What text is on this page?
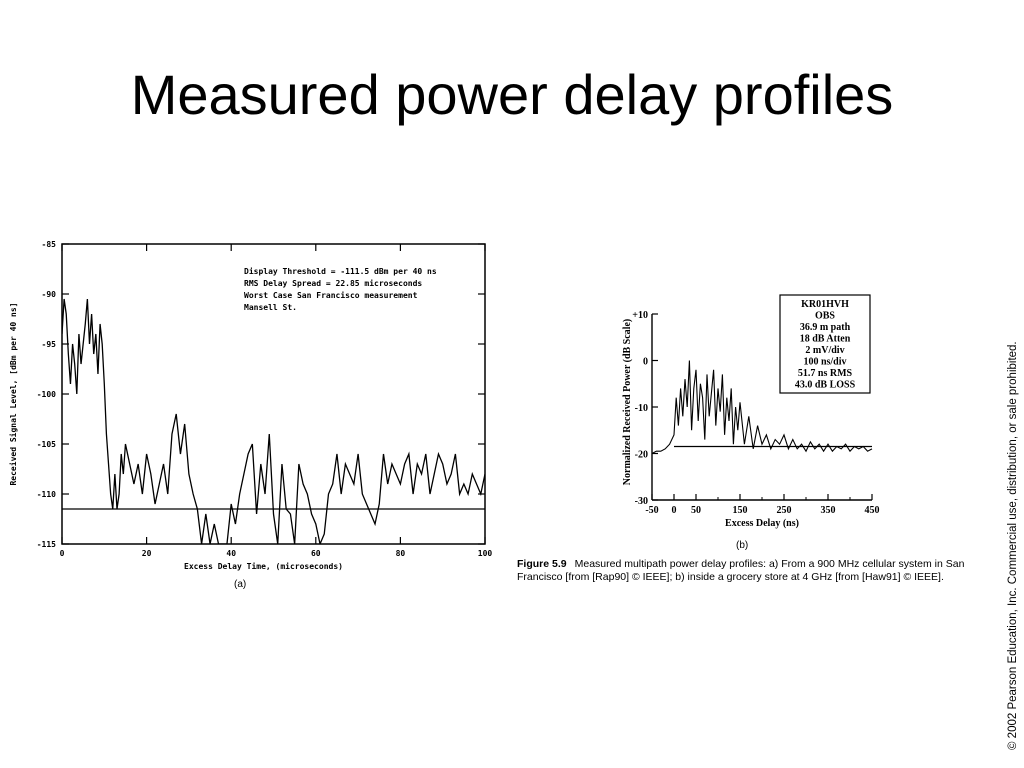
Measured power delay profiles
-85
-90
-95
-100
-105
-110
-115
0	20	40	60	80	100
Excess Delay Time, (microseconds)
Received Signal Level, [dBm per 40 ns]
Display Threshold = -111.5 dBm per 40 ns
RMS Delay Spread = 22.85 microseconds
Worst Case San Francisco measurement
Mansell St.
(a)
+10
0
-10
-20
-30
-50 0 50	150	250	350	450
Excess Delay (ns)
Normalized Received Power (dB Scale)
KR01HVH
OBS
36.9 m path
18 dB Atten
2 mV/div
100 ns/div
51.7 ns RMS
43.0 dB LOSS
(b)
Figure 5.9 Measured multipath power delay profiles: a) From a 900 MHz cellular system in San Francisco [from [Rap90] © IEEE]; b) inside a grocery store at 4 GHz [from [Haw91] © IEEE].	© 2002 Pearson Education, Inc. Commercial use, distribution, or sale prohibited.
